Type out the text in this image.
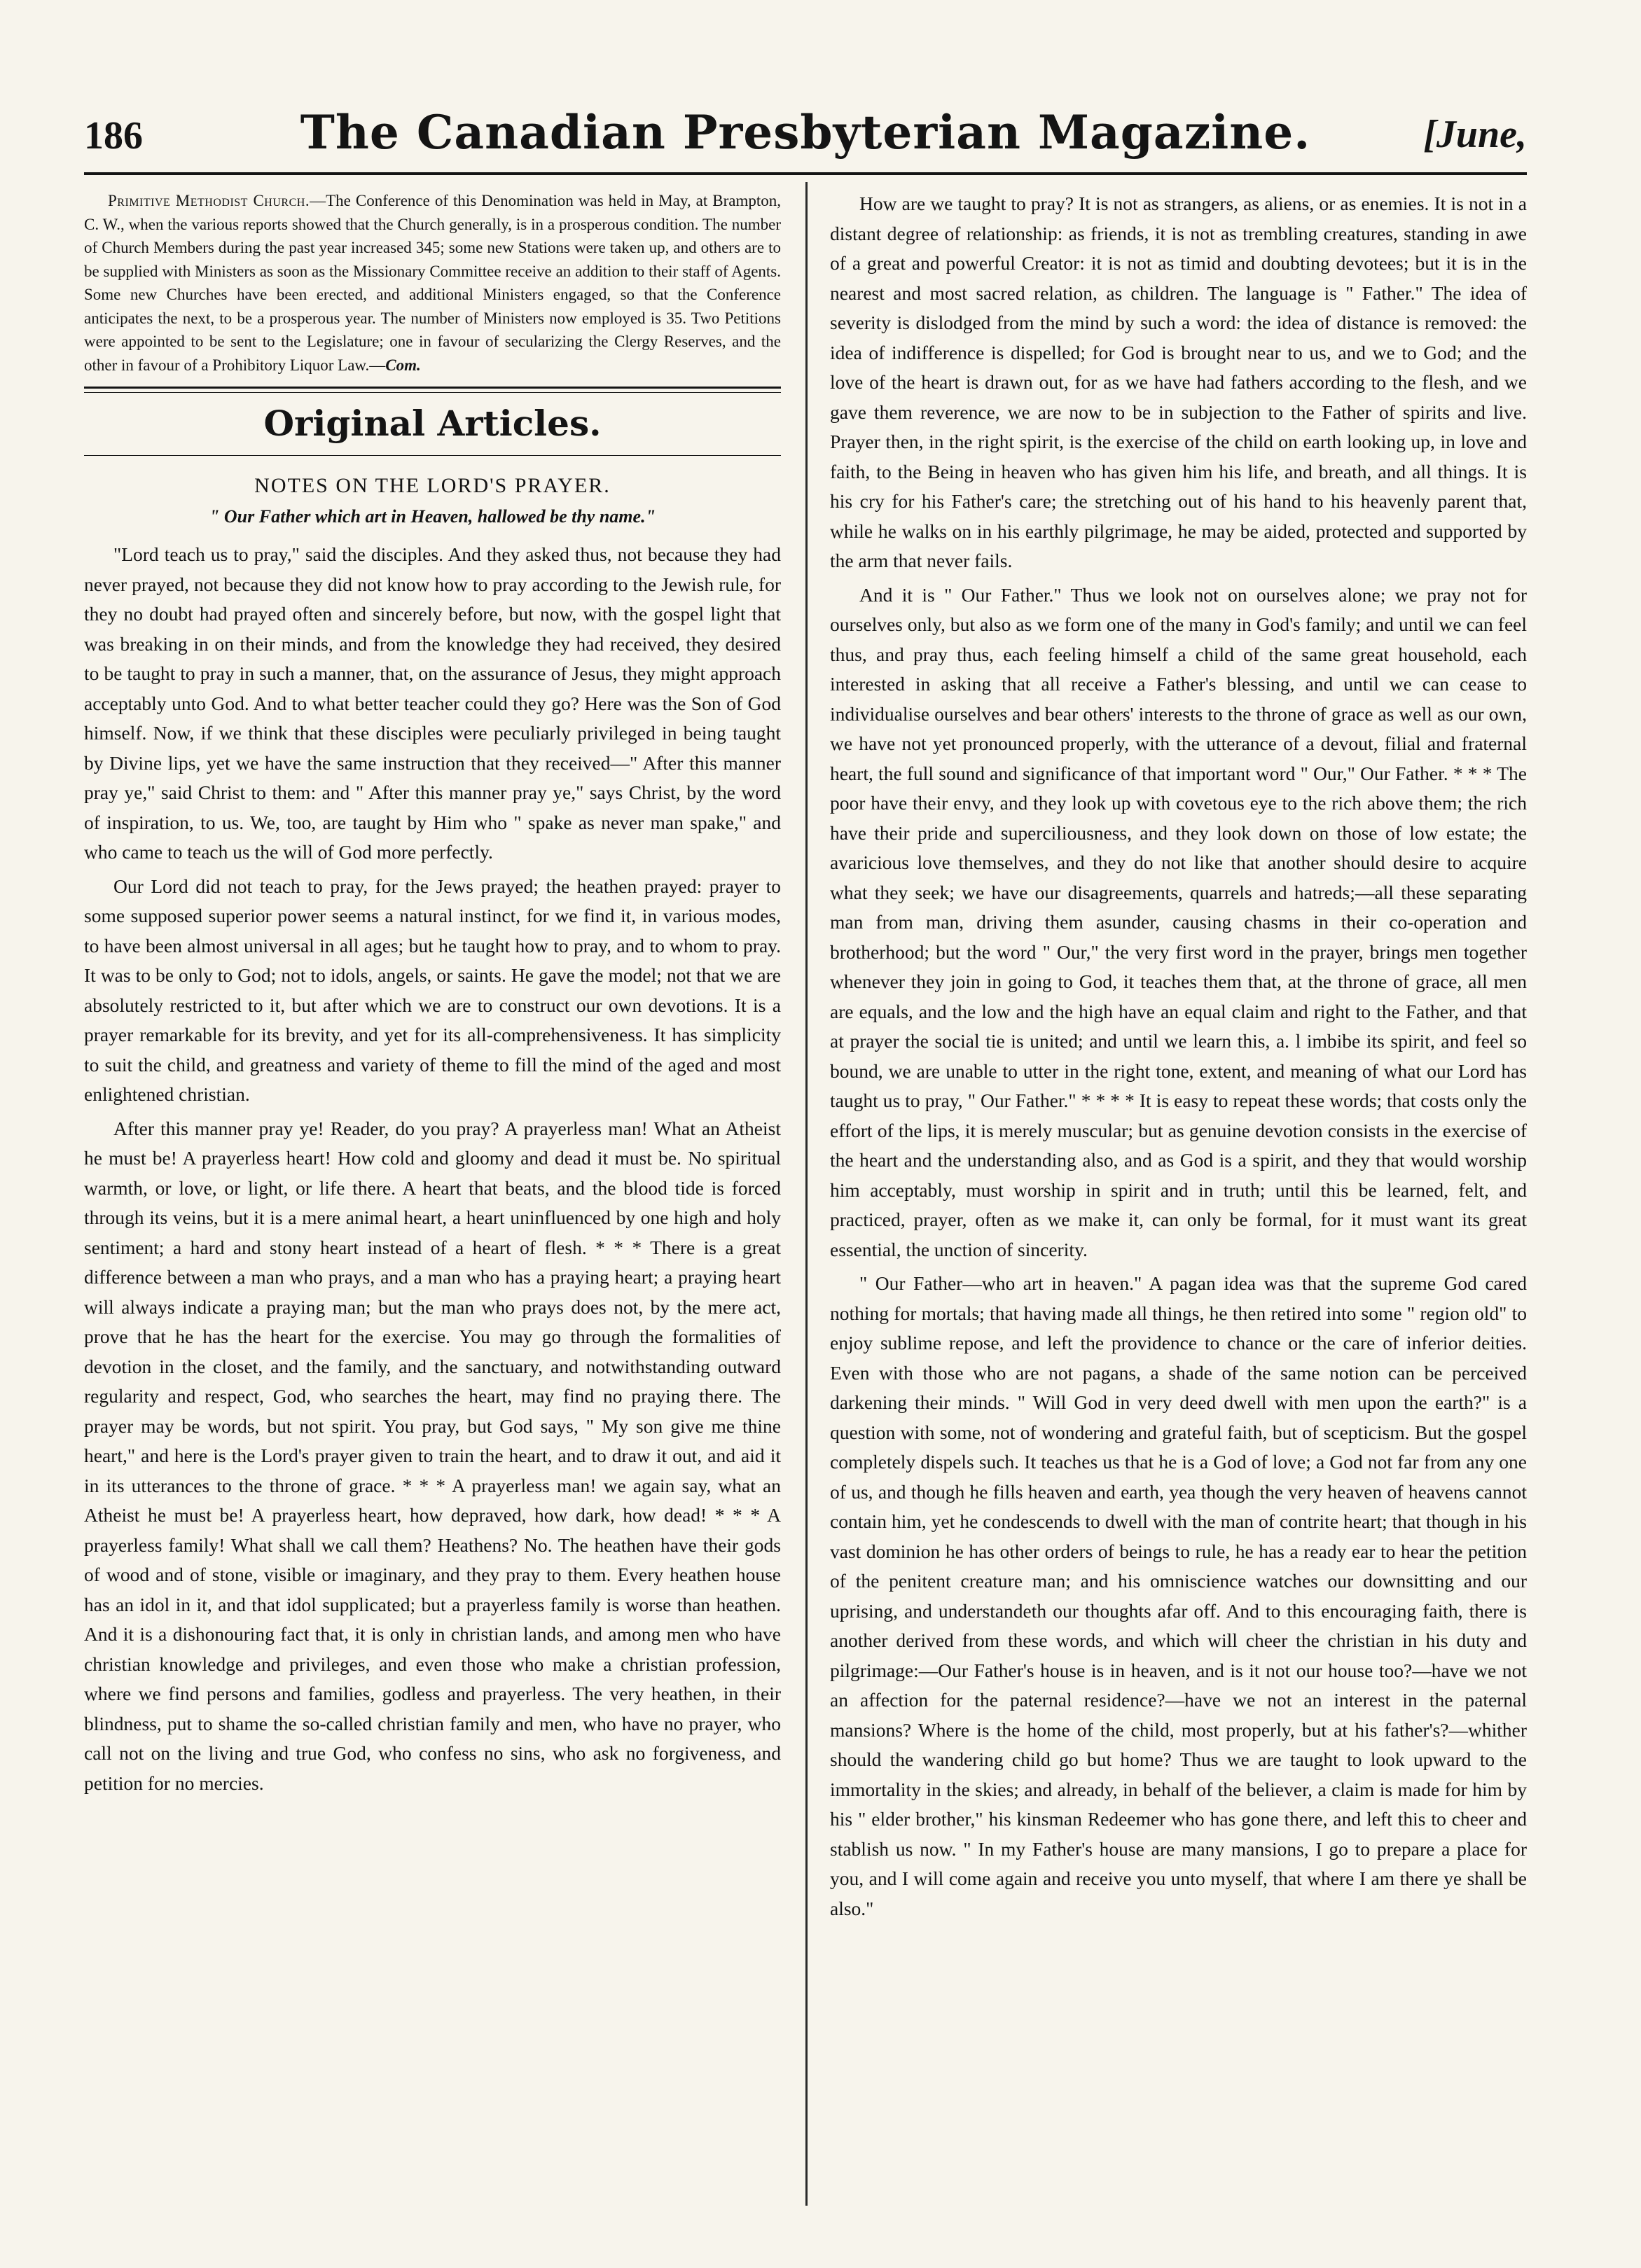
186	The Canadian Presbyterian Magazine.	[June,

Primitive Methodist Church.—The Conference of this Denomination was held in May, at Brampton, C. W., when the various reports showed that the Church generally, is in a prosperous condition. The number of Church Members during the past year increased 345; some new Stations were taken up, and others are to be supplied with Ministers as soon as the Missionary Committee receive an addition to their staff of Agents. Some new Churches have been erected, and additional Ministers engaged, so that the Conference anticipates the next, to be a prosperous year. The number of Ministers now employed is 35. Two Petitions were appointed to be sent to the Legislature; one in favour of secularizing the Clergy Reserves, and the other in favour of a Prohibitory Liquor Law.—Com.

Original Articles.
NOTES ON THE LORD'S PRAYER.
" Our Father which art in Heaven, hallowed be thy name."

"Lord teach us to pray," said the disciples. And they asked thus, not because they had never prayed, not because they did not know how to pray according to the Jewish rule, for they no doubt had prayed often and sincerely before, but now, with the gospel light that was breaking in on their minds, and from the knowledge they had received, they desired to be taught to pray in such a manner, that, on the assurance of Jesus, they might approach acceptably unto God. And to what better teacher could they go? Here was the Son of God himself. Now, if we think that these disciples were peculiarly privileged in being taught by Divine lips, yet we have the same instruction that they received—" After this manner pray ye," said Christ to them: and " After this manner pray ye," says Christ, by the word of inspiration, to us. We, too, are taught by Him who " spake as never man spake," and who came to teach us the will of God more perfectly.

Our Lord did not teach to pray, for the Jews prayed; the heathen prayed: prayer to some supposed superior power seems a natural instinct, for we find it, in various modes, to have been almost universal in all ages; but he taught how to pray, and to whom to pray. It was to be only to God; not to idols, angels, or saints. He gave the model; not that we are absolutely restricted to it, but after which we are to construct our own devotions. It is a prayer remarkable for its brevity, and yet for its all-comprehensiveness. It has simplicity to suit the child, and greatness and variety of theme to fill the mind of the aged and most enlightened christian.

After this manner pray ye! Reader, do you pray? A prayerless man! What an Atheist he must be! A prayerless heart! How cold and gloomy and dead it must be. No spiritual warmth, or love, or light, or life there. A heart that beats, and the blood tide is forced through its veins, but it is a mere animal heart, a heart uninfluenced by one high and holy sentiment; a hard and stony heart instead of a heart of flesh. * * * There is a great difference between a man who prays, and a man who has a praying heart; a praying heart will always indicate a praying man; but the man who prays does not, by the mere act, prove that he has the heart for the exercise. You may go through the formalities of devotion in the closet, and the family, and the sanctuary, and notwithstanding outward regularity and respect, God, who searches the heart, may find no praying there. The prayer may be words, but not spirit. You pray, but God says, " My son give me thine heart," and here is the Lord's prayer given to train the heart, and to draw it out, and aid it in its utterances to the throne of grace. * * * A prayerless man! we again say, what an Atheist he must be! A prayerless heart, how depraved, how dark, how dead! * * * A prayerless family! What shall we call them? Heathens? No. The heathen have their gods of wood and of stone, visible or imaginary, and they pray to them. Every heathen house has an idol in it, and that idol supplicated; but a prayerless family is worse than heathen. And it is a dishonouring fact that, it is only in christian lands, and among men who have christian knowledge and privileges, and even those who make a christian profession, where we find persons and families, godless and prayerless. The very heathen, in their blindness, put to shame the so-called christian family and men, who have no prayer, who call not on the living and true God, who confess no sins, who ask no forgiveness, and petition for no mercies.

How are we taught to pray? It is not as strangers, as aliens, or as enemies. It is not in a distant degree of relationship: as friends, it is not as trembling creatures, standing in awe of a great and powerful Creator: it is not as timid and doubting devotees; but it is in the nearest and most sacred relation, as children. The language is " Father." The idea of severity is dislodged from the mind by such a word: the idea of distance is removed: the idea of indifference is dispelled; for God is brought near to us, and we to God; and the love of the heart is drawn out, for as we have had fathers according to the flesh, and we gave them reverence, we are now to be in subjection to the Father of spirits and live. Prayer then, in the right spirit, is the exercise of the child on earth looking up, in love and faith, to the Being in heaven who has given him his life, and breath, and all things. It is his cry for his Father's care; the stretching out of his hand to his heavenly parent that, while he walks on in his earthly pilgrimage, he may be aided, protected and supported by the arm that never fails.

And it is " Our Father." Thus we look not on ourselves alone; we pray not for ourselves only, but also as we form one of the many in God's family; and until we can feel thus, and pray thus, each feeling himself a child of the same great household, each interested in asking that all receive a Father's blessing, and until we can cease to individualise ourselves and bear others' interests to the throne of grace as well as our own, we have not yet pronounced properly, with the utterance of a devout, filial and fraternal heart, the full sound and significance of that important word " Our," Our Father. * * * The poor have their envy, and they look up with covetous eye to the rich above them; the rich have their pride and superciliousness, and they look down on those of low estate; the avaricious love themselves, and they do not like that another should desire to acquire what they seek; we have our disagreements, quarrels and hatreds;—all these separating man from man, driving them asunder, causing chasms in their co-operation and brotherhood; but the word " Our," the very first word in the prayer, brings men together whenever they join in going to God, it teaches them that, at the throne of grace, all men are equals, and the low and the high have an equal claim and right to the Father, and that at prayer the social tie is united; and until we learn this, a. l imbibe its spirit, and feel so bound, we are unable to utter in the right tone, extent, and meaning of what our Lord has taught us to pray, " Our Father." * * * * It is easy to repeat these words; that costs only the effort of the lips, it is merely muscular; but as genuine devotion consists in the exercise of the heart and the understanding also, and as God is a spirit, and they that would worship him acceptably, must worship in spirit and in truth; until this be learned, felt, and practiced, prayer, often as we make it, can only be formal, for it must want its great essential, the unction of sincerity.

" Our Father—who art in heaven." A pagan idea was that the supreme God cared nothing for mortals; that having made all things, he then retired into some " region old" to enjoy sublime repose, and left the providence to chance or the care of inferior deities. Even with those who are not pagans, a shade of the same notion can be perceived darkening their minds. " Will God in very deed dwell with men upon the earth?" is a question with some, not of wondering and grateful faith, but of scepticism. But the gospel completely dispels such. It teaches us that he is a God of love; a God not far from any one of us, and though he fills heaven and earth, yea though the very heaven of heavens cannot contain him, yet he condescends to dwell with the man of contrite heart; that though in his vast dominion he has other orders of beings to rule, he has a ready ear to hear the petition of the penitent creature man; and his omniscience watches our downsitting and our uprising, and understandeth our thoughts afar off. And to this encouraging faith, there is another derived from these words, and which will cheer the christian in his duty and pilgrimage:—Our Father's house is in heaven, and is it not our house too?—have we not an affection for the paternal residence?—have we not an interest in the paternal mansions? Where is the home of the child, most properly, but at his father's?—whither should the wandering child go but home? Thus we are taught to look upward to the immortality in the skies; and already, in behalf of the believer, a claim is made for him by his " elder brother," his kinsman Redeemer who has gone there, and left this to cheer and stablish us now. " In my Father's house are many mansions, I go to prepare a place for you, and I will come again and receive you unto myself, that where I am there ye shall be also."
